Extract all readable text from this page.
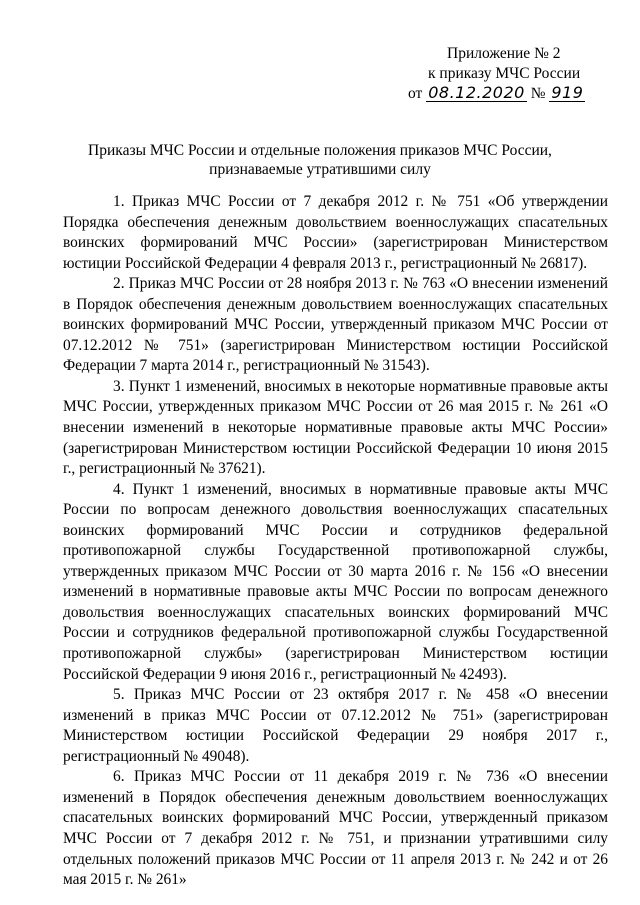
Приложение № 2
к приказу МЧС России
от 08.12.2020 № 919
Приказы МЧС России и отдельные положения приказов МЧС России,
признаваемые утратившими силу

1. Приказ МЧС России от 7 декабря 2012 г. № 751 «Об утверждении Порядка обеспечения денежным довольствием военнослужащих спасательных воинских формирований МЧС России» (зарегистрирован Министерством юстиции Российской Федерации 4 февраля 2013 г., регистрационный № 26817).

2. Приказ МЧС России от 28 ноября 2013 г. № 763 «О внесении изменений в Порядок обеспечения денежным довольствием военнослужащих спасательных воинских формирований МЧС России, утвержденный приказом МЧС России от 07.12.2012 № 751» (зарегистрирован Министерством юстиции Российской Федерации 7 марта 2014 г., регистрационный № 31543).

3. Пункт 1 изменений, вносимых в некоторые нормативные правовые акты МЧС России, утвержденных приказом МЧС России от 26 мая 2015 г. № 261 «О внесении изменений в некоторые нормативные правовые акты МЧС России» (зарегистрирован Министерством юстиции Российской Федерации 10 июня 2015 г., регистрационный № 37621).

4. Пункт 1 изменений, вносимых в нормативные правовые акты МЧС России по вопросам денежного довольствия военнослужащих спасательных воинских формирований МЧС России и сотрудников федеральной противопожарной службы Государственной противопожарной службы, утвержденных приказом МЧС России от 30 марта 2016 г. № 156 «О внесении изменений в нормативные правовые акты МЧС России по вопросам денежного довольствия военнослужащих спасательных воинских формирований МЧС России и сотрудников федеральной противопожарной службы Государственной противопожарной службы» (зарегистрирован Министерством юстиции Российской Федерации 9 июня 2016 г., регистрационный № 42493).

5. Приказ МЧС России от 23 октября 2017 г. № 458 «О внесении изменений в приказ МЧС России от 07.12.2012 № 751» (зарегистрирован Министерством юстиции Российской Федерации 29 ноября 2017 г., регистрационный № 49048).

6. Приказ МЧС России от 11 декабря 2019 г. № 736 «О внесении изменений в Порядок обеспечения денежным довольствием военнослужащих спасательных воинских формирований МЧС России, утвержденный приказом МЧС России от 7 декабря 2012 г. № 751, и признании утратившими силу отдельных положений приказов МЧС России от 11 апреля 2013 г. № 242 и от 26 мая 2015 г. № 261»
